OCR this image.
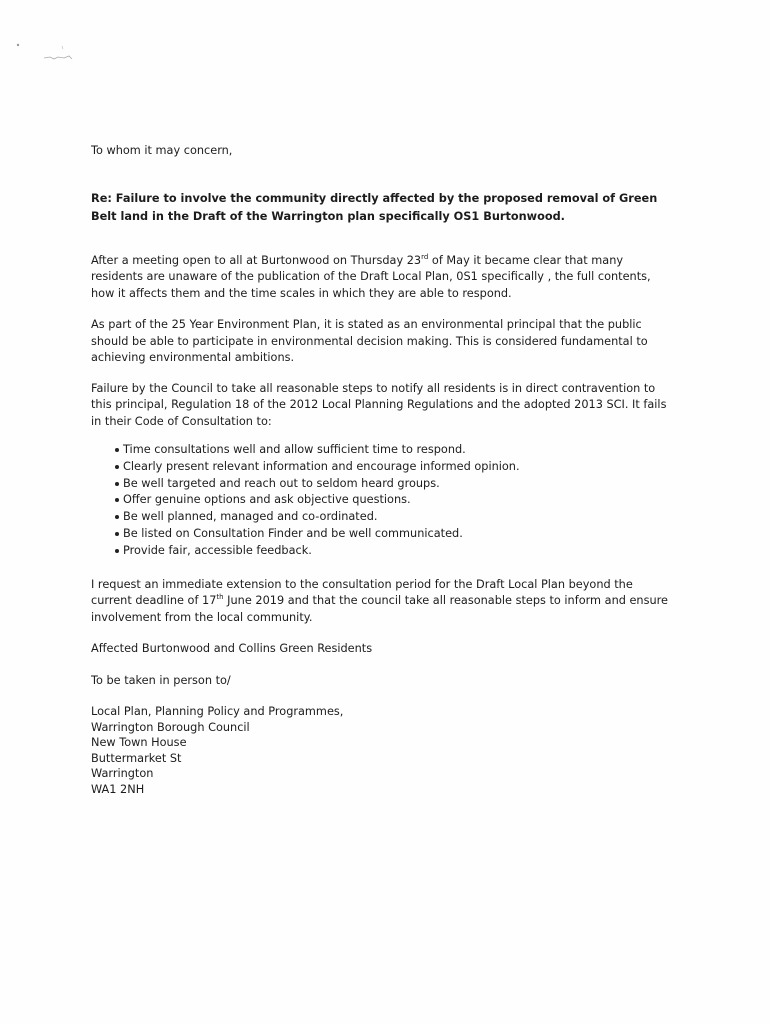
To whom it may concern,

Re: Failure to involve the community directly affected by the proposed removal of Green Belt land in the Draft of the Warrington plan specifically OS1 Burtonwood.

After a meeting open to all at Burtonwood on Thursday 23rd of May it became clear that many residents are unaware of the publication of the Draft Local Plan, 0S1 specifically , the full contents, how it affects them and the time scales in which they are able to respond.

As part of the 25 Year Environment Plan, it is stated as an environmental principal that the public should be able to participate in environmental decision making. This is considered fundamental to achieving environmental ambitions.

Failure by the Council to take all reasonable steps to notify all residents is in direct contravention to this principal, Regulation 18 of the 2012 Local Planning Regulations and the adopted 2013 SCI. It fails in their Code of Consultation to:

Time consultations well and allow sufficient time to respond.
Clearly present relevant information and encourage informed opinion.
Be well targeted and reach out to seldom heard groups.
Offer genuine options and ask objective questions.
Be well planned, managed and co-ordinated.
Be listed on Consultation Finder and be well communicated.
Provide fair, accessible feedback.

I request an immediate extension to the consultation period for the Draft Local Plan beyond the current deadline of 17th June 2019 and that the council take all reasonable steps to inform and ensure involvement from the local community.

Affected Burtonwood and Collins Green Residents

To be taken in person to/

Local Plan, Planning Policy and Programmes,
Warrington Borough Council
New Town House
Buttermarket St
Warrington
WA1 2NH
